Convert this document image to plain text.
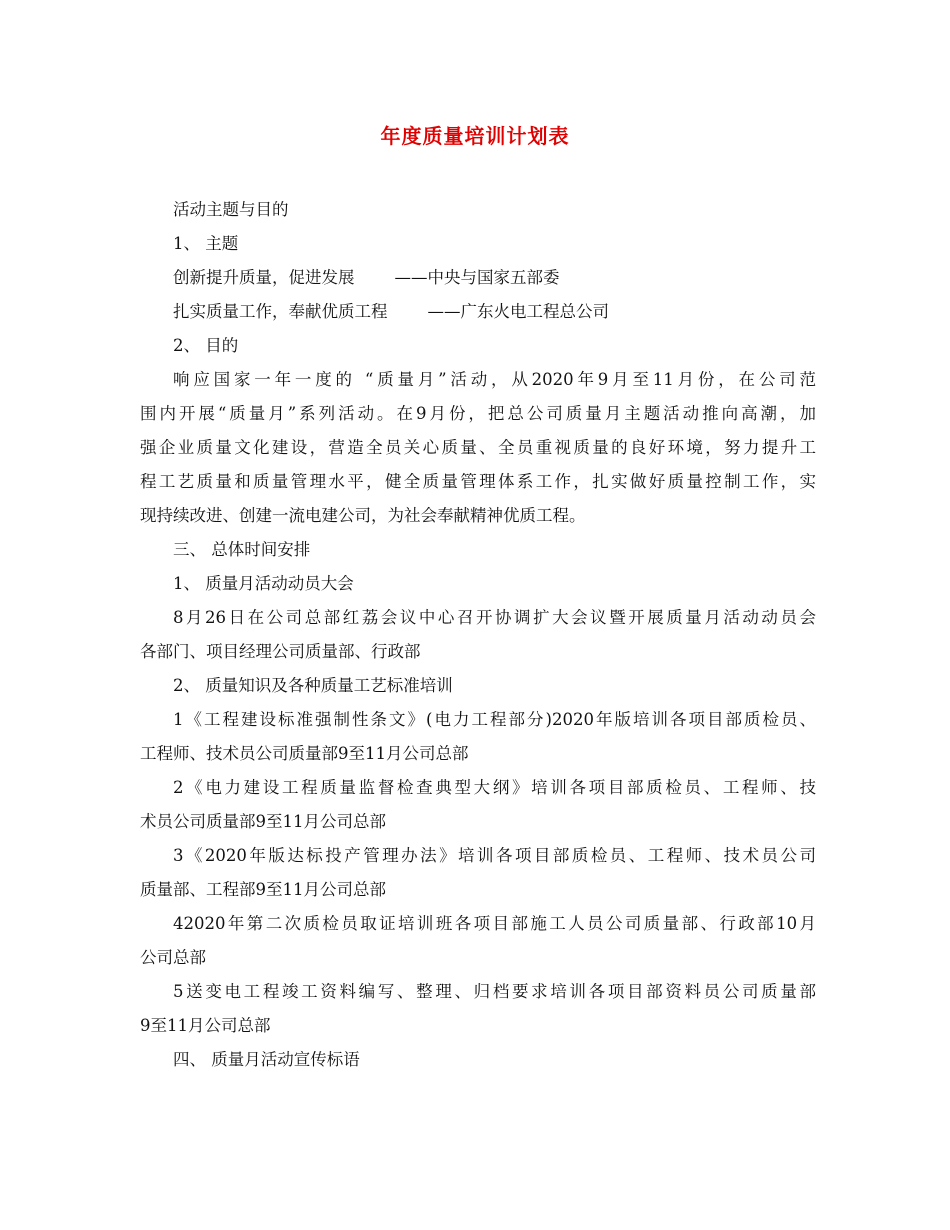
年度质量培训计划表
活动主题与目的
1、 主题
创新提升质量，促进发展 ——中央与国家五部委
扎实质量工作，奉献优质工程 ——广东火电工程总公司
2、 目的
响应国家一年一度的 “质量月”活动，从2020年9月至11月份，在公司范
围内开展“质量月”系列活动。在9月份，把总公司质量月主题活动推向高潮，加
强企业质量文化建设，营造全员关心质量、全员重视质量的良好环境，努力提升工
程工艺质量和质量管理水平，健全质量管理体系工作，扎实做好质量控制工作，实
现持续改进、创建一流电建公司，为社会奉献精神优质工程。
三、 总体时间安排
1、 质量月活动动员大会
8月26日在公司总部红荔会议中心召开协调扩大会议暨开展质量月活动动员会
各部门、项目经理公司质量部、行政部
2、 质量知识及各种质量工艺标准培训
1《工程建设标准强制性条文》(电力工程部分)2020年版培训各项目部质检员、
工程师、技术员公司质量部9至11月公司总部
2《电力建设工程质量监督检查典型大纲》培训各项目部质检员、工程师、技
术员公司质量部9至11月公司总部
3《2020年版达标投产管理办法》培训各项目部质检员、工程师、技术员公司
质量部、工程部9至11月公司总部
42020年第二次质检员取证培训班各项目部施工人员公司质量部、行政部10月
公司总部
5送变电工程竣工资料编写、整理、归档要求培训各项目部资料员公司质量部
9至11月公司总部
四、 质量月活动宣传标语
